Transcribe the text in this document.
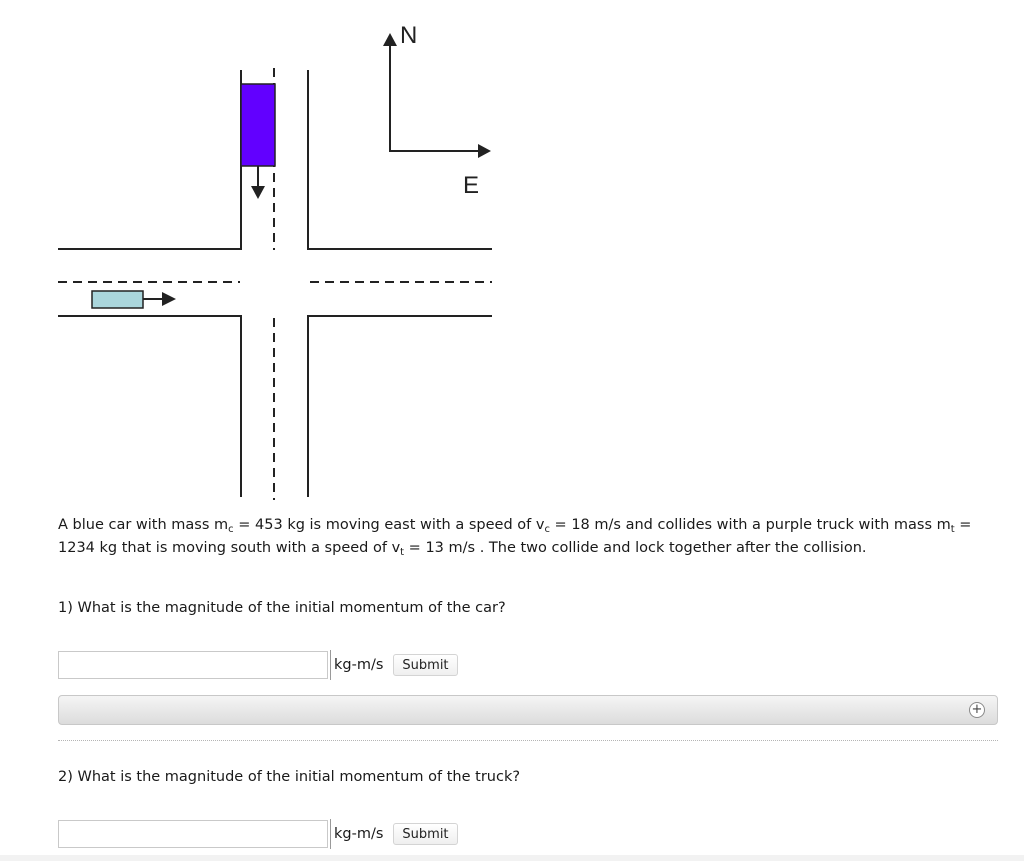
N
E
A blue car with mass $m_c = 453$ kg is moving east with a speed of $v_c = 18$ m/s and collides with a purple truck with mass $m_t = 1234$ kg that is moving south with a speed of $v_t = 13$ m/s . The two collide and lock together after the collision.
1) What is the magnitude of the initial momentum of the car?
kg-m/s	Submit
+
2) What is the magnitude of the initial momentum of the truck?
kg-m/s	Submit
